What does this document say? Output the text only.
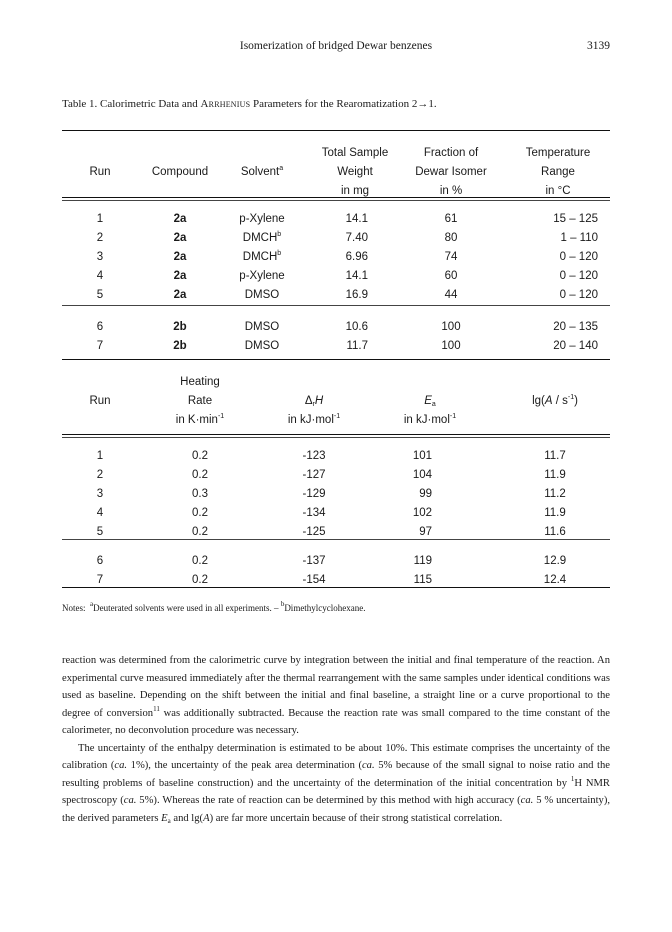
Isomerization of bridged Dewar benzenes	3139
Table 1. Calorimetric Data and Arrhenius Parameters for the Rearomatization 2→1.
Run	Compound	Solvent$^a$
Total Sample
Weight
in mg
Fraction of
Dewar Isomer
in %
Temperature
Range
in °C
1	2a	p-Xylene	14.1	61	15 – 125
2	2a	DMCH$^b$	7.40	80	1 – 110
3	2a	DMCH$^b$	6.96	74	0 – 120
4	2a	p-Xylene	14.1	60	0 – 120
5	2a	DMSO	16.9	44	0 – 120
6	2b	DMSO	10.6	100	20 – 135
7	2b	DMSO	11.7	100	20 – 140
Run
Heating
Rate
in $K\cdot\min^{-1}$
$\Delta_rH$
in kJ·mol$^{-1}$
$E_a$
in kJ·mol$^{-1}$
$\lg(A / s^{-1})$
1	0.2	-123	101	11.7
2	0.2	-127	104	11.9
3	0.3	-129	99	11.2
4	0.2	-134	102	11.9
5	0.2	-125	97	11.6
6	0.2	-137	119	12.9
7	0.2	-154	115	12.4
Notes: $^a$Deuterated solvents were used in all experiments. – $^b$Dimethylcyclohexane.

reaction was determined from the calorimetric curve by integration between the initial and final temperature of the reaction. An experimental curve measured immediately after the thermal rearrangement with the same samples under identical conditions was used as baseline. Depending on the shift between the initial and final baseline, a straight line or a curve proportional to the degree of conversion$^{11}$ was additionally subtracted. Because the reaction rate was small compared to the time constant of the calorimeter, no deconvolution procedure was necessary.

The uncertainty of the enthalpy determination is estimated to be about 10%. This estimate comprises the uncertainty of the calibration (ca. 1%), the uncertainty of the peak area determination (ca. 5% because of the small signal to noise ratio and the resulting problems of baseline construction) and the uncertainty of the determination of the initial concentration by $^1$H NMR spectroscopy (ca. 5%). Whereas the rate of reaction can be determined by this method with high accuracy (ca. 5 % uncertainty), the derived parameters $E_a$ and lg(A) are far more uncertain because of their strong statistical correlation.
